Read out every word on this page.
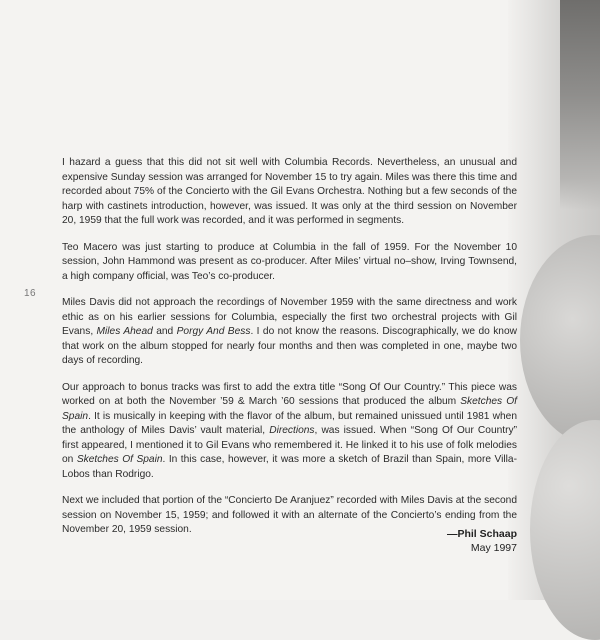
16

I hazard a guess that this did not sit well with Columbia Records. Nevertheless, an unusual and expensive Sunday session was arranged for November 15 to try again. Miles was there this time and recorded about 75% of the Concierto with the Gil Evans Orchestra. Nothing but a few seconds of the harp with castinets introduction, however, was issued. It was only at the third session on November 20, 1959 that the full work was recorded, and it was performed in segments.

Teo Macero was just starting to produce at Columbia in the fall of 1959. For the November 10 session, John Hammond was present as co-producer. After Miles’ virtual no–show, Irving Townsend, a high company official, was Teo’s co-producer.

Miles Davis did not approach the recordings of November 1959 with the same directness and work ethic as on his earlier sessions for Columbia, especially the first two orchestral projects with Gil Evans, Miles Ahead and Porgy And Bess. I do not know the reasons. Discographically, we do know that work on the album stopped for nearly four months and then was completed in one, maybe two days of recording.

Our approach to bonus tracks was first to add the extra title “Song Of Our Country.” This piece was worked on at both the November ’59 & March ’60 sessions that produced the album Sketches Of Spain. It is musically in keeping with the flavor of the album, but remained unissued until 1981 when the anthology of Miles Davis’ vault material, Directions, was issued. When “Song Of Our Country” first appeared, I mentioned it to Gil Evans who remembered it. He linked it to his use of folk melodies on Sketches Of Spain. In this case, however, it was more a sketch of Brazil than Spain, more Villa-Lobos than Rodrigo.

Next we included that portion of the “Concierto De Aranjuez” recorded with Miles Davis at the second session on November 15, 1959; and followed it with an alternate of the Concierto’s ending from the November 20, 1959 session.	—Phil Schaap
May 1997
